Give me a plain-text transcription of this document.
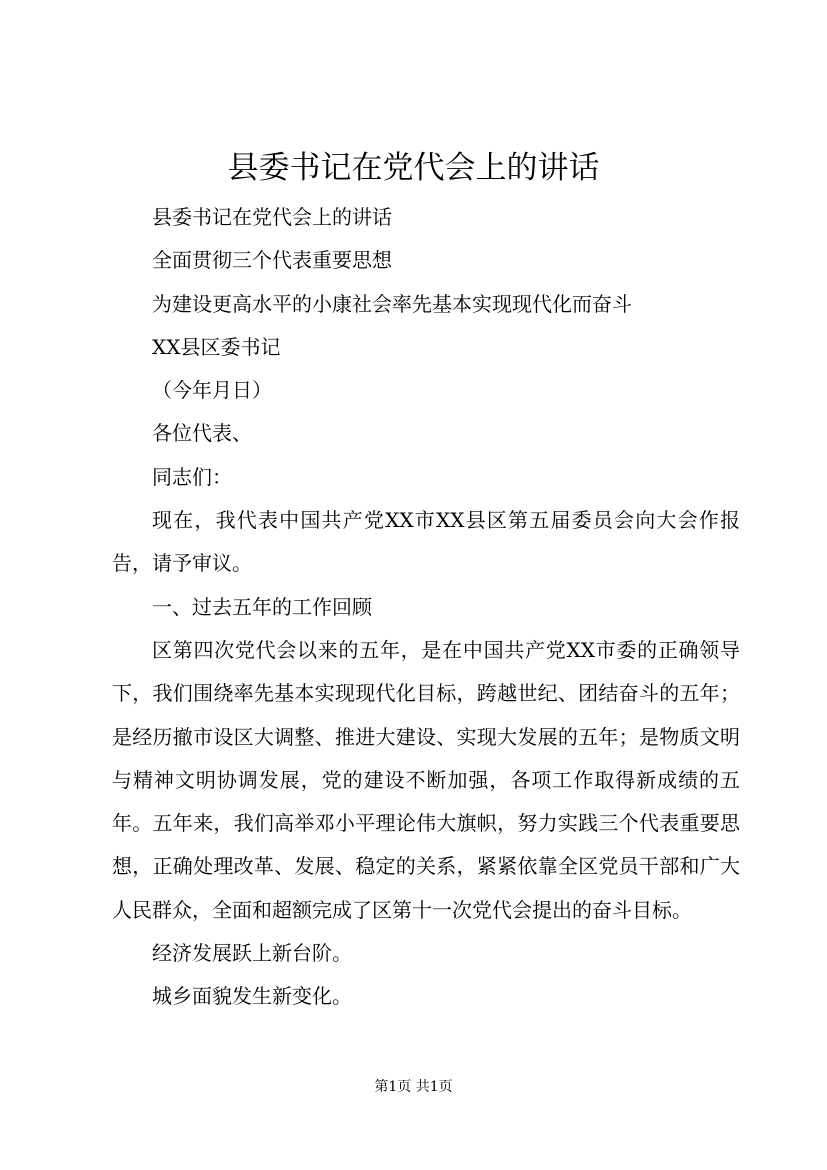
县委书记在党代会上的讲话

县委书记在党代会上的讲话

全面贯彻三个代表重要思想

为建设更高水平的小康社会率先基本实现现代化而奋斗

XX县区委书记

（今年月日）

各位代表、

同志们：

现在，我代表中国共产党XX市XX县区第五届委员会向大会作报告，请予审议。

一、过去五年的工作回顾

区第四次党代会以来的五年，是在中国共产党XX市委的正确领导下，我们围绕率先基本实现现代化目标，跨越世纪、团结奋斗的五年；是经历撤市设区大调整、推进大建设、实现大发展的五年；是物质文明与精神文明协调发展，党的建设不断加强，各项工作取得新成绩的五年。五年来，我们高举邓小平理论伟大旗帜，努力实践三个代表重要思想，正确处理改革、发展、稳定的关系，紧紧依靠全区党员干部和广大人民群众，全面和超额完成了区第十一次党代会提出的奋斗目标。

经济发展跃上新台阶。

城乡面貌发生新变化。

第1页 共1页
